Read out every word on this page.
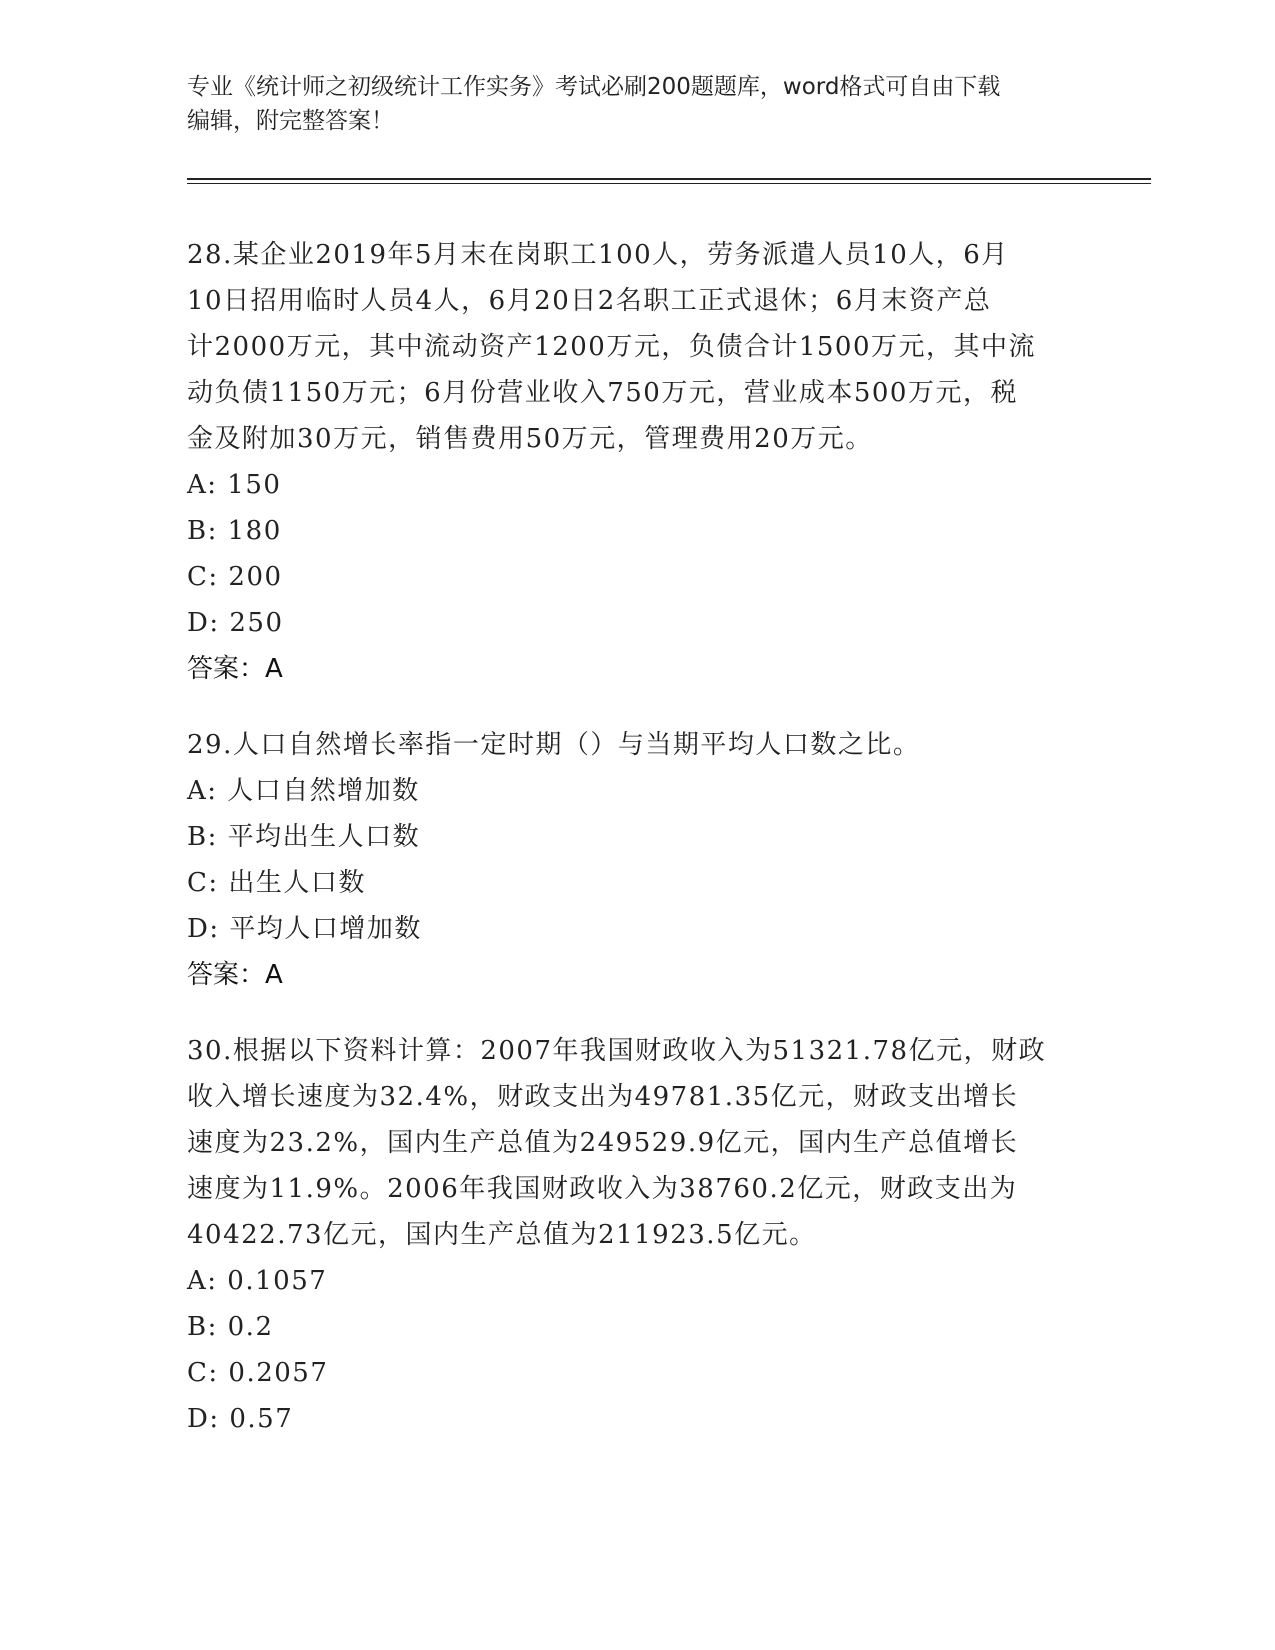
专业《统计师之初级统计工作实务》考试必刷200题题库，word格式可自由下载
编辑，附完整答案！

28.某企业2019年5月末在岗职工100人，劳务派遣人员10人，6月

10日招用临时人员4人，6月20日2名职工正式退休；6月末资产总

计2000万元，其中流动资产1200万元，负债合计1500万元，其中流

动负债1150万元；6月份营业收入750万元，营业成本500万元，税

金及附加30万元，销售费用50万元，管理费用20万元。

A: 150

B: 180

C: 200

D: 250

答案：A

29.人口自然增长率指一定时期（）与当期平均人口数之比。

A: 人口自然增加数

B: 平均出生人口数

C: 出生人口数

D: 平均人口增加数

答案：A

30.根据以下资料计算：2007年我国财政收入为51321.78亿元，财政

收入增长速度为32.4%，财政支出为49781.35亿元，财政支出增长

速度为23.2%，国内生产总值为249529.9亿元，国内生产总值增长

速度为11.9%。2006年我国财政收入为38760.2亿元，财政支出为

40422.73亿元，国内生产总值为211923.5亿元。

A: 0.1057

B: 0.2

C: 0.2057

D: 0.57
